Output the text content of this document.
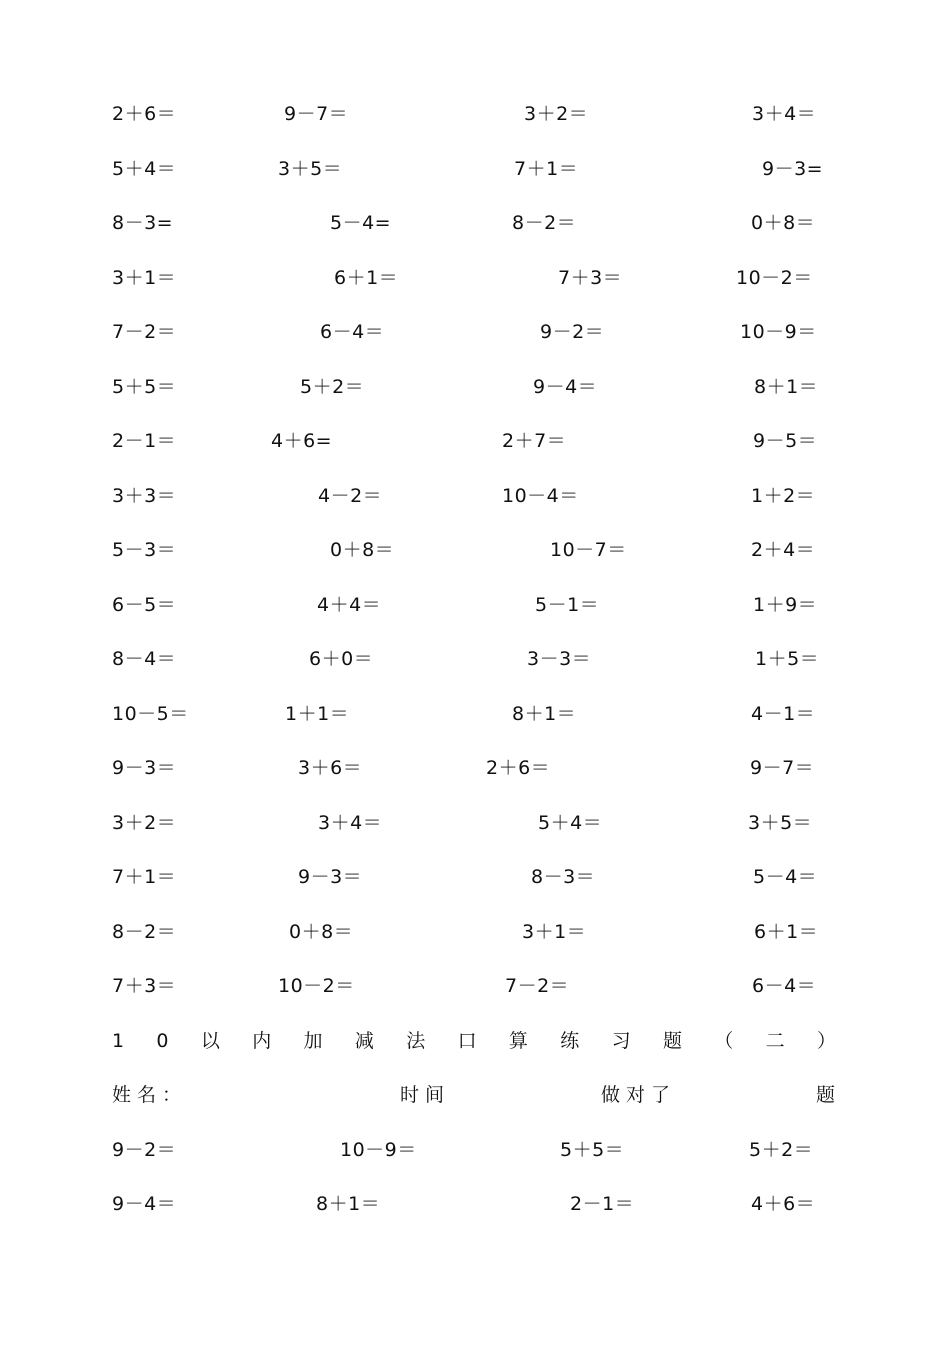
2＋6＝	9－7＝	3＋2＝	3＋4＝
5＋4＝	3＋5＝	7＋1＝	9－3=
8－3=	5－4=	8－2＝	0＋8＝
3＋1＝	6＋1＝	7＋3＝	10－2＝
7－2＝	6－4＝	9－2＝	10－9＝
5＋5＝	5＋2＝	9－4＝	8＋1＝
2－1＝	4＋6=	2＋7＝	9－5＝
3＋3＝	4－2＝	10－4＝	1＋2＝
5－3＝	0＋8＝	10－7＝	2＋4＝
6－5＝	4＋4＝	5－1＝	1＋9＝
8－4＝	6＋0＝	3－3＝	1＋5＝
10－5＝	1＋1＝	8＋1＝	4－1＝
9－3＝	3＋6＝	2＋6＝	9－7＝
3＋2＝	3＋4＝	5＋4＝	3＋5＝
7＋1＝	9－3＝	8－3＝	5－4＝
8－2＝	0＋8＝	3＋1＝	6＋1＝
7＋3＝	10－2＝	7－2＝	6－4＝
1 0 以 内 加 减 法 口 算 练 习 题 （ 二 ）
姓名：	时间	做对了	题
9－2＝	10－9＝	5＋5＝	5＋2＝
9－4＝	8＋1＝	2－1＝	4＋6＝
